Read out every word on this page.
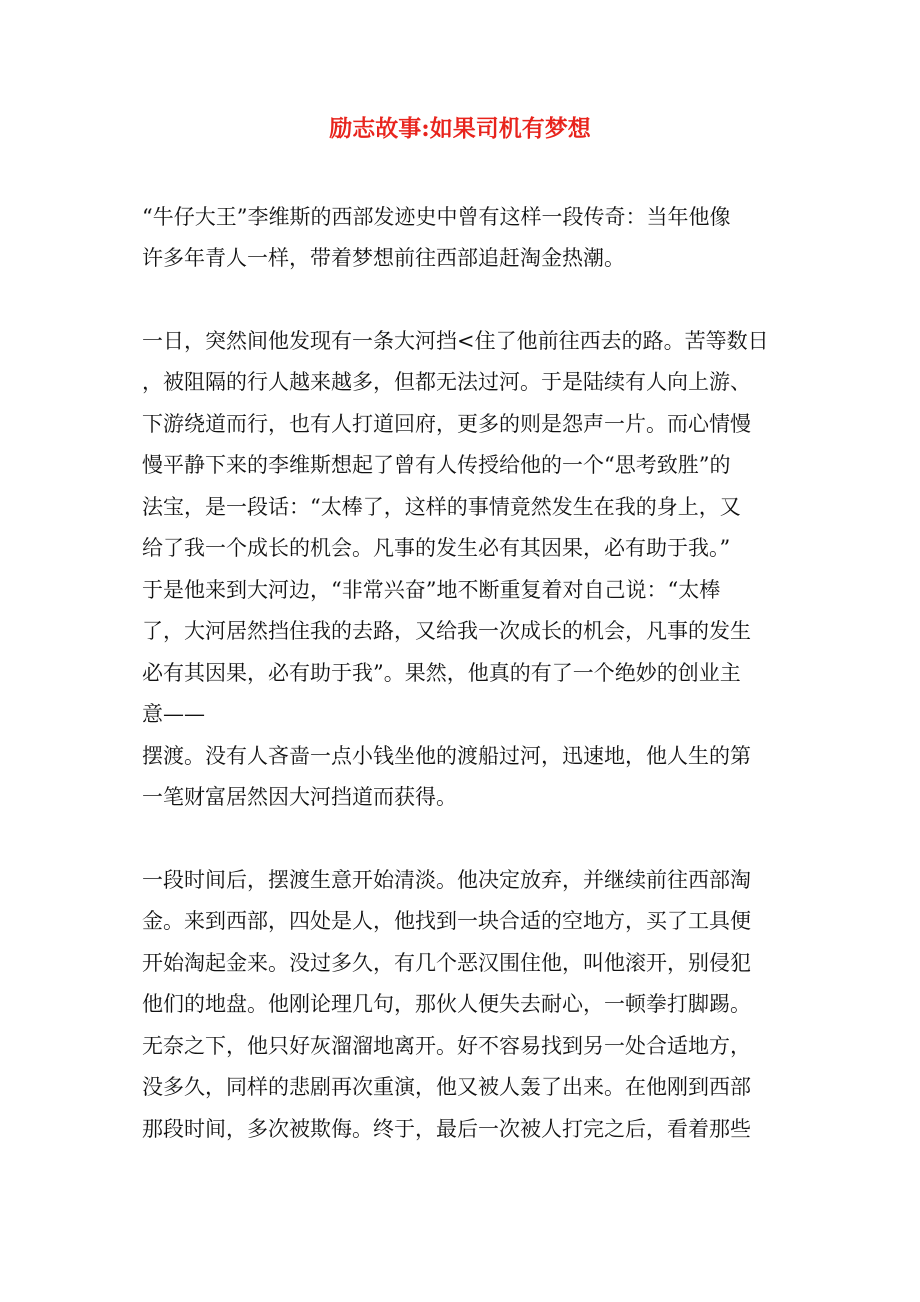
励志故事:如果司机有梦想
“牛仔大王”李维斯的西部发迹史中曾有这样一段传奇：当年他像
许多年青人一样，带着梦想前往西部追赶淘金热潮。
一日，突然间他发现有一条大河挡<住了他前往西去的路。苦等数日
，被阻隔的行人越来越多，但都无法过河。于是陆续有人向上游、
下游绕道而行，也有人打道回府，更多的则是怨声一片。而心情慢
慢平静下来的李维斯想起了曾有人传授给他的一个“思考致胜”的
法宝，是一段话：“太棒了，这样的事情竟然发生在我的身上，又
给了我一个成长的机会。凡事的发生必有其因果，必有助于我。”
于是他来到大河边，“非常兴奋”地不断重复着对自己说：“太棒
了，大河居然挡住我的去路，又给我一次成长的机会，凡事的发生
必有其因果，必有助于我”。果然，他真的有了一个绝妙的创业主
意——
摆渡。没有人吝啬一点小钱坐他的渡船过河，迅速地，他人生的第
一笔财富居然因大河挡道而获得。
一段时间后，摆渡生意开始清淡。他决定放弃，并继续前往西部淘
金。来到西部，四处是人，他找到一块合适的空地方，买了工具便
开始淘起金来。没过多久，有几个恶汉围住他，叫他滚开，别侵犯
他们的地盘。他刚论理几句，那伙人便失去耐心，一顿拳打脚踢。
无奈之下，他只好灰溜溜地离开。好不容易找到另一处合适地方，
没多久，同样的悲剧再次重演，他又被人轰了出来。在他刚到西部
那段时间，多次被欺侮。终于，最后一次被人打完之后，看着那些
